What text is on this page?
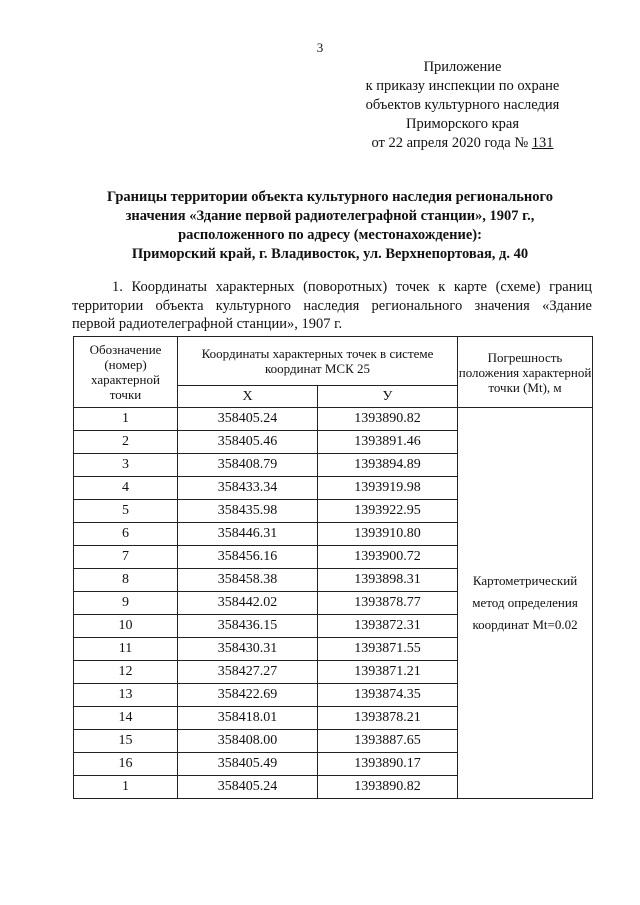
3
Приложение
к приказу инспекции по охране
объектов культурного наследия
Приморского края
от 22 апреля 2020 года № 131
Границы территории объекта культурного наследия регионального
значения «Здание первой радиотелеграфной станции», 1907 г.,
расположенного по адресу (местонахождение):
Приморский край, г. Владивосток, ул. Верхнепортовая, д. 40
1. Координаты характерных (поворотных) точек к карте (схеме) границ
территории объекта культурного наследия регионального значения «Здание
первой радиотелеграфной станции», 1907 г.
Обозначение (номер) характерной точки	Координаты характерных точек в системе координат МСК 25		Погрешность положения характерной точки (Mt), м
	X	У	
1	358405.24	1393890.82	Картометрический
метод определения
координат Mt=0.02

2	358405.46	1393891.46	
3	358408.79	1393894.89	
4	358433.34	1393919.98	
5	358435.98	1393922.95	
6	358446.31	1393910.80	
7	358456.16	1393900.72	
8	358458.38	1393898.31	
9	358442.02	1393878.77	
10	358436.15	1393872.31	
11	358430.31	1393871.55	
12	358427.27	1393871.21	
13	358422.69	1393874.35	
14	358418.01	1393878.21	
15	358408.00	1393887.65	
16	358405.49	1393890.17	
1	358405.24	1393890.82	
